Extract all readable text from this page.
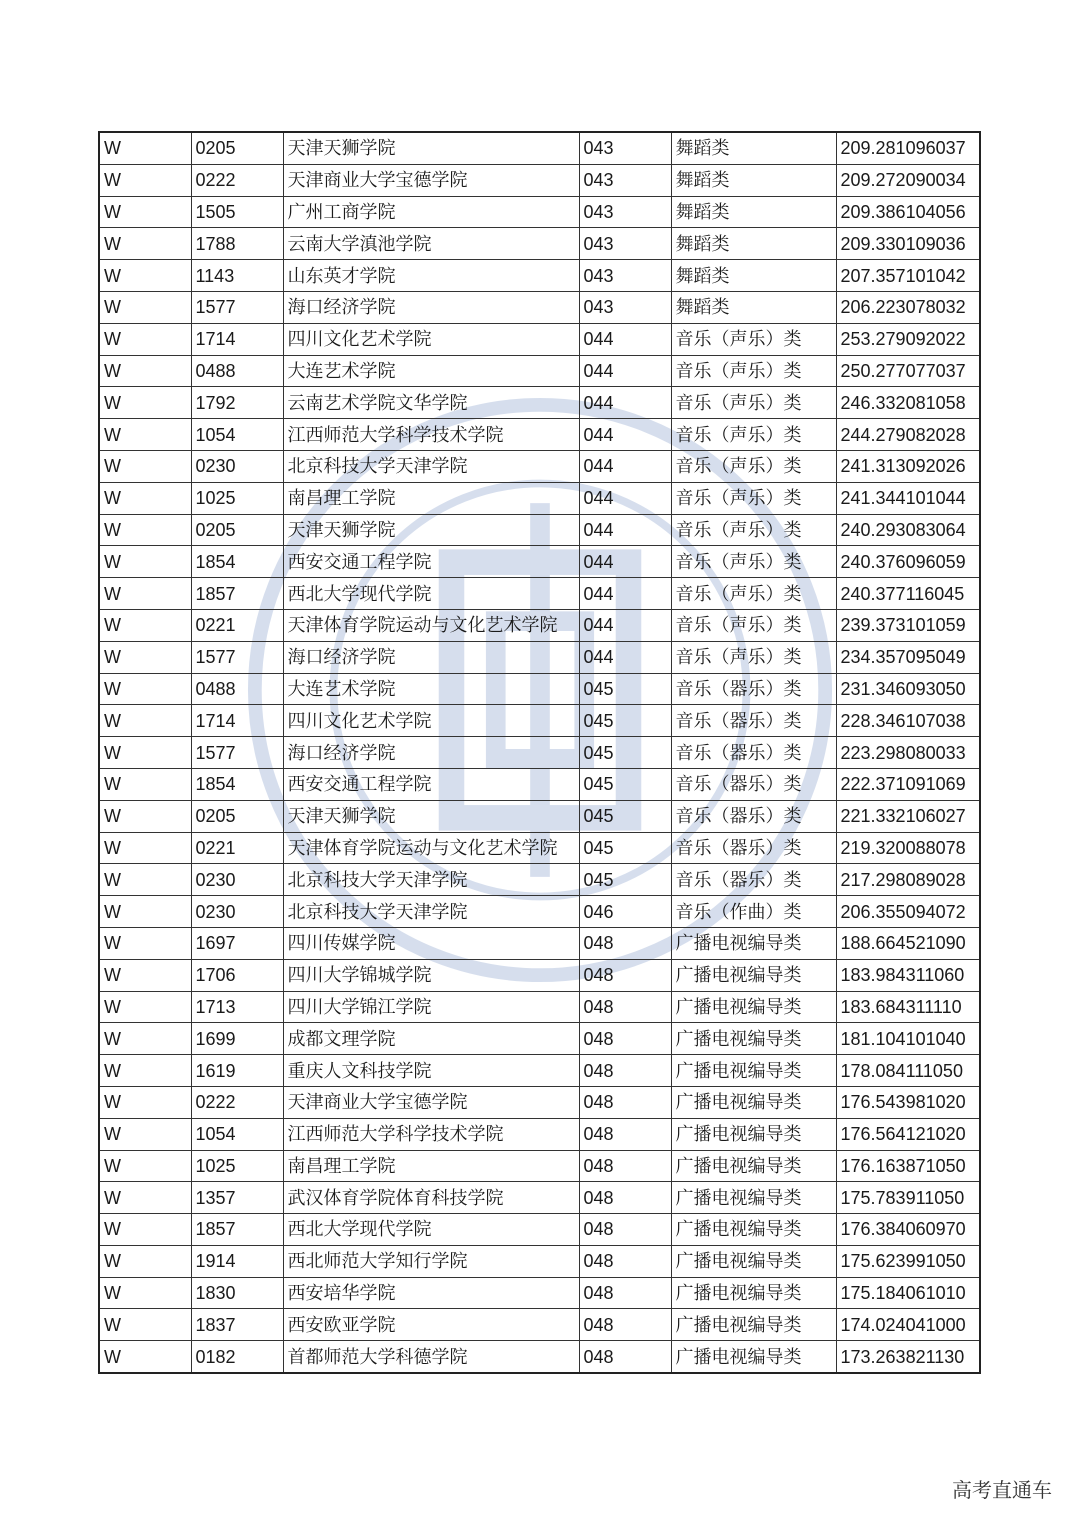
W	0205	天津天狮学院	043	舞蹈类	209.281096037
W	0222	天津商业大学宝德学院	043	舞蹈类	209.272090034
W	1505	广州工商学院	043	舞蹈类	209.386104056
W	1788	云南大学滇池学院	043	舞蹈类	209.330109036
W	1143	山东英才学院	043	舞蹈类	207.357101042
W	1577	海口经济学院	043	舞蹈类	206.223078032
W	1714	四川文化艺术学院	044	音乐（声乐）类	253.279092022
W	0488	大连艺术学院	044	音乐（声乐）类	250.277077037
W	1792	云南艺术学院文华学院	044	音乐（声乐）类	246.332081058
W	1054	江西师范大学科学技术学院	044	音乐（声乐）类	244.279082028
W	0230	北京科技大学天津学院	044	音乐（声乐）类	241.313092026
W	1025	南昌理工学院	044	音乐（声乐）类	241.344101044
W	0205	天津天狮学院	044	音乐（声乐）类	240.293083064
W	1854	西安交通工程学院	044	音乐（声乐）类	240.376096059
W	1857	西北大学现代学院	044	音乐（声乐）类	240.377116045
W	0221	天津体育学院运动与文化艺术学院	044	音乐（声乐）类	239.373101059
W	1577	海口经济学院	044	音乐（声乐）类	234.357095049
W	0488	大连艺术学院	045	音乐（器乐）类	231.346093050
W	1714	四川文化艺术学院	045	音乐（器乐）类	228.346107038
W	1577	海口经济学院	045	音乐（器乐）类	223.298080033
W	1854	西安交通工程学院	045	音乐（器乐）类	222.371091069
W	0205	天津天狮学院	045	音乐（器乐）类	221.332106027
W	0221	天津体育学院运动与文化艺术学院	045	音乐（器乐）类	219.320088078
W	0230	北京科技大学天津学院	045	音乐（器乐）类	217.298089028
W	0230	北京科技大学天津学院	046	音乐（作曲）类	206.355094072
W	1697	四川传媒学院	048	广播电视编导类	188.664521090
W	1706	四川大学锦城学院	048	广播电视编导类	183.984311060
W	1713	四川大学锦江学院	048	广播电视编导类	183.684311110
W	1699	成都文理学院	048	广播电视编导类	181.104101040
W	1619	重庆人文科技学院	048	广播电视编导类	178.084111050
W	0222	天津商业大学宝德学院	048	广播电视编导类	176.543981020
W	1054	江西师范大学科学技术学院	048	广播电视编导类	176.564121020
W	1025	南昌理工学院	048	广播电视编导类	176.163871050
W	1357	武汉体育学院体育科技学院	048	广播电视编导类	175.783911050
W	1857	西北大学现代学院	048	广播电视编导类	176.384060970
W	1914	西北师范大学知行学院	048	广播电视编导类	175.623991050
W	1830	西安培华学院	048	广播电视编导类	175.184061010
W	1837	西安欧亚学院	048	广播电视编导类	174.024041000
W	0182	首都师范大学科德学院	048	广播电视编导类	173.263821130
高考直通车
